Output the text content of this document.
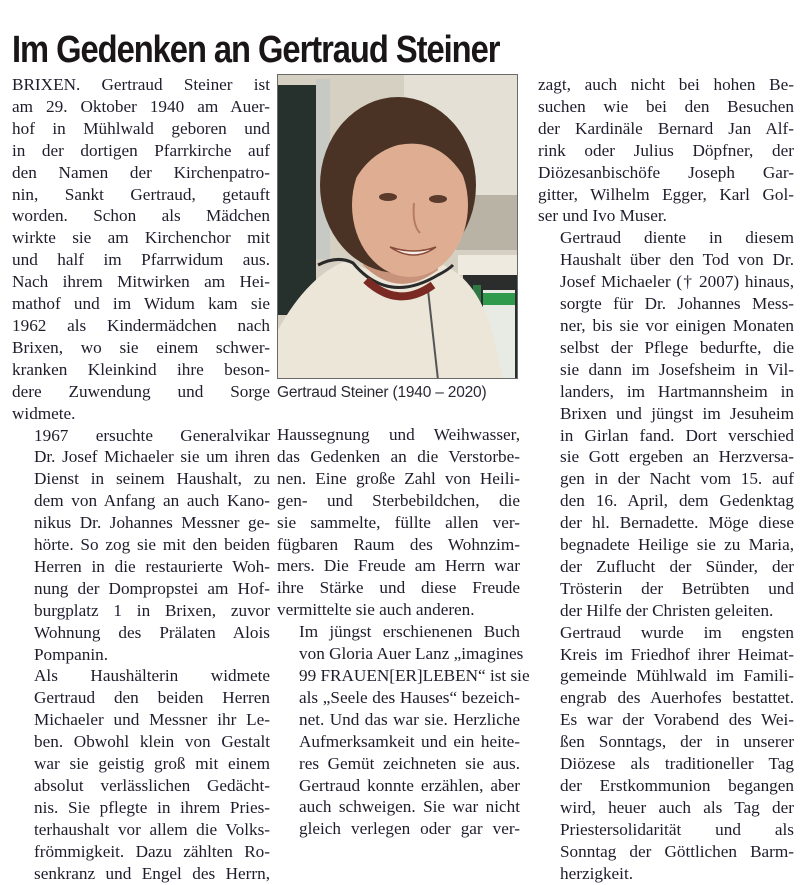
Im Gedenken an Gertraud Steiner

BRIXEN. Gertraud Steiner ist
am 29. Oktober 1940 am Auer-
hof in Mühlwald geboren und
in der dortigen Pfarrkirche auf
den Namen der Kirchenpatro-
nin, Sankt Gertraud, getauft
worden. Schon als Mädchen
wirkte sie am Kirchenchor mit
und half im Pfarrwidum aus.
Nach ihrem Mitwirken am Hei-
mathof und im Widum kam sie
1962 als Kindermädchen nach
Brixen, wo sie einem schwer-
kranken Kleinkind ihre beson-
dere Zuwendung und Sorge
widmete.

1967 ersuchte Generalvikar
Dr. Josef Michaeler sie um ihren
Dienst in seinem Haushalt, zu
dem von Anfang an auch Kano-
nikus Dr. Johannes Messner ge-
hörte. So zog sie mit den beiden
Herren in die restaurierte Woh-
nung der Dompropstei am Hof-
burgplatz 1 in Brixen, zuvor
Wohnung des Prälaten Alois
Pompanin.

Als Haushälterin widmete
Gertraud den beiden Herren
Michaeler und Messner ihr Le-
ben. Obwohl klein von Gestalt
war sie geistig groß mit einem
absolut verlässlichen Gedächt-
nis. Sie pflegte in ihrem Pries-
terhaushalt vor allem die Volks-
frömmigkeit. Dazu zählten Ro-
senkranz und Engel des Herrn,

Gertraud Steiner (1940 – 2020)

Haussegnung und Weihwasser,
das Gedenken an die Verstorbe-
nen. Eine große Zahl von Heili-
gen- und Sterbebildchen, die
sie sammelte, füllte allen ver-
fügbaren Raum des Wohnzim-
mers. Die Freude am Herrn war
ihre Stärke und diese Freude
vermittelte sie auch anderen.

Im jüngst erschienenen Buch
von Gloria Auer Lanz „imagines
99 FRAUEN[ER]LEBEN“ ist sie
als „Seele des Hauses“ bezeich-
net. Und das war sie. Herzliche
Aufmerksamkeit und ein heite-
res Gemüt zeichneten sie aus.
Gertraud konnte erzählen, aber
auch schweigen. Sie war nicht
gleich verlegen oder gar ver-

zagt, auch nicht bei hohen Be-
suchen wie bei den Besuchen
der Kardinäle Bernard Jan Alf-
rink oder Julius Döpfner, der
Diözesanbischöfe Joseph Gar-
gitter, Wilhelm Egger, Karl Gol-
ser und Ivo Muser.

Gertraud diente in diesem
Haushalt über den Tod von Dr.
Josef Michaeler († 2007) hinaus,
sorgte für Dr. Johannes Mess-
ner, bis sie vor einigen Monaten
selbst der Pflege bedurfte, die
sie dann im Josefsheim in Vil-
landers, im Hartmannsheim in
Brixen und jüngst im Jesuheim
in Girlan fand. Dort verschied
sie Gott ergeben an Herzversa-
gen in der Nacht vom 15. auf
den 16. April, dem Gedenktag
der hl. Bernadette. Möge diese
begnadete Heilige sie zu Maria,
der Zuflucht der Sünder, der
Trösterin der Betrübten und
der Hilfe der Christen geleiten.

Gertraud wurde im engsten
Kreis im Friedhof ihrer Heimat-
gemeinde Mühlwald im Famili-
engrab des Auerhofes bestattet.
Es war der Vorabend des Wei-
ßen Sonntags, der in unserer
Diözese als traditioneller Tag
der Erstkommunion begangen
wird, heuer auch als Tag der
Priestersolidarität und als
Sonntag der Göttlichen Barm-
herzigkeit.
